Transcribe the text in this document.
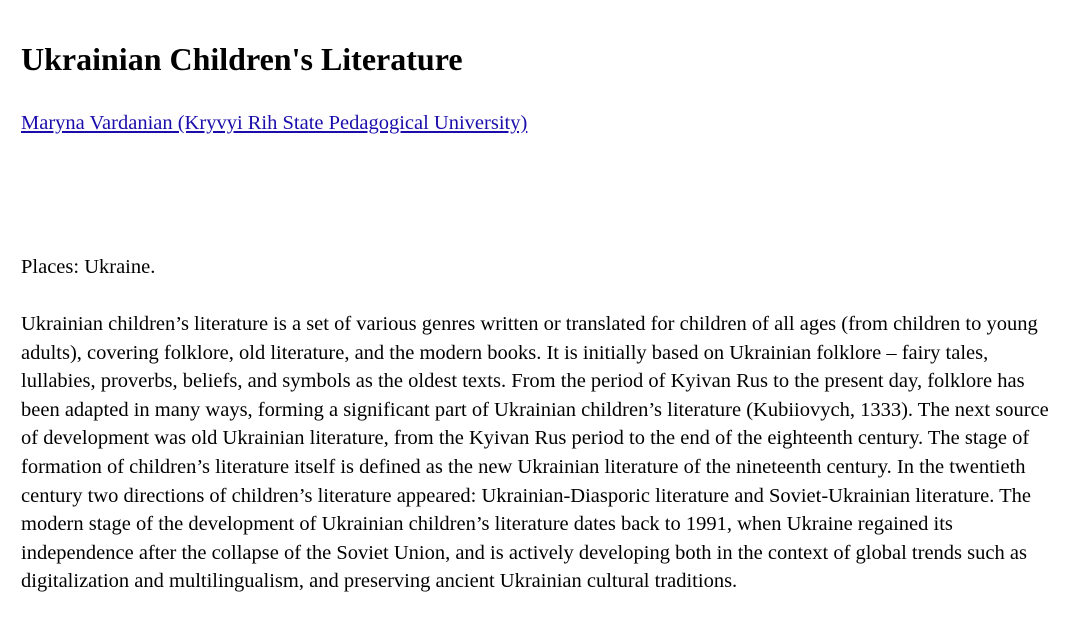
Ukrainian Children's Literature
Maryna Vardanian (Kryvyi Rih State Pedagogical University)
Places: Ukraine.

Ukrainian children’s literature is a set of various genres written or translated for children of all ages (from children to young adults), covering folklore, old literature, and the modern books. It is initially based on Ukrainian folklore – fairy tales, lullabies, proverbs, beliefs, and symbols as the oldest texts. From the period of Kyivan Rus to the present day, folklore has been adapted in many ways, forming a significant part of Ukrainian children’s literature (Kubiiovych, 1333). The next source of development was old Ukrainian literature, from the Kyivan Rus period to the end of the eighteenth century. The stage of formation of children’s literature itself is defined as the new Ukrainian literature of the nineteenth century. In the twentieth century two directions of children’s literature appeared: Ukrainian-Diasporic literature and Soviet-Ukrainian literature. The modern stage of the development of Ukrainian children’s literature dates back to 1991, when Ukraine regained its independence after the collapse of the Soviet Union, and is actively developing both in the context of global trends such as digitalization and multilingualism, and preserving ancient Ukrainian cultural traditions.
